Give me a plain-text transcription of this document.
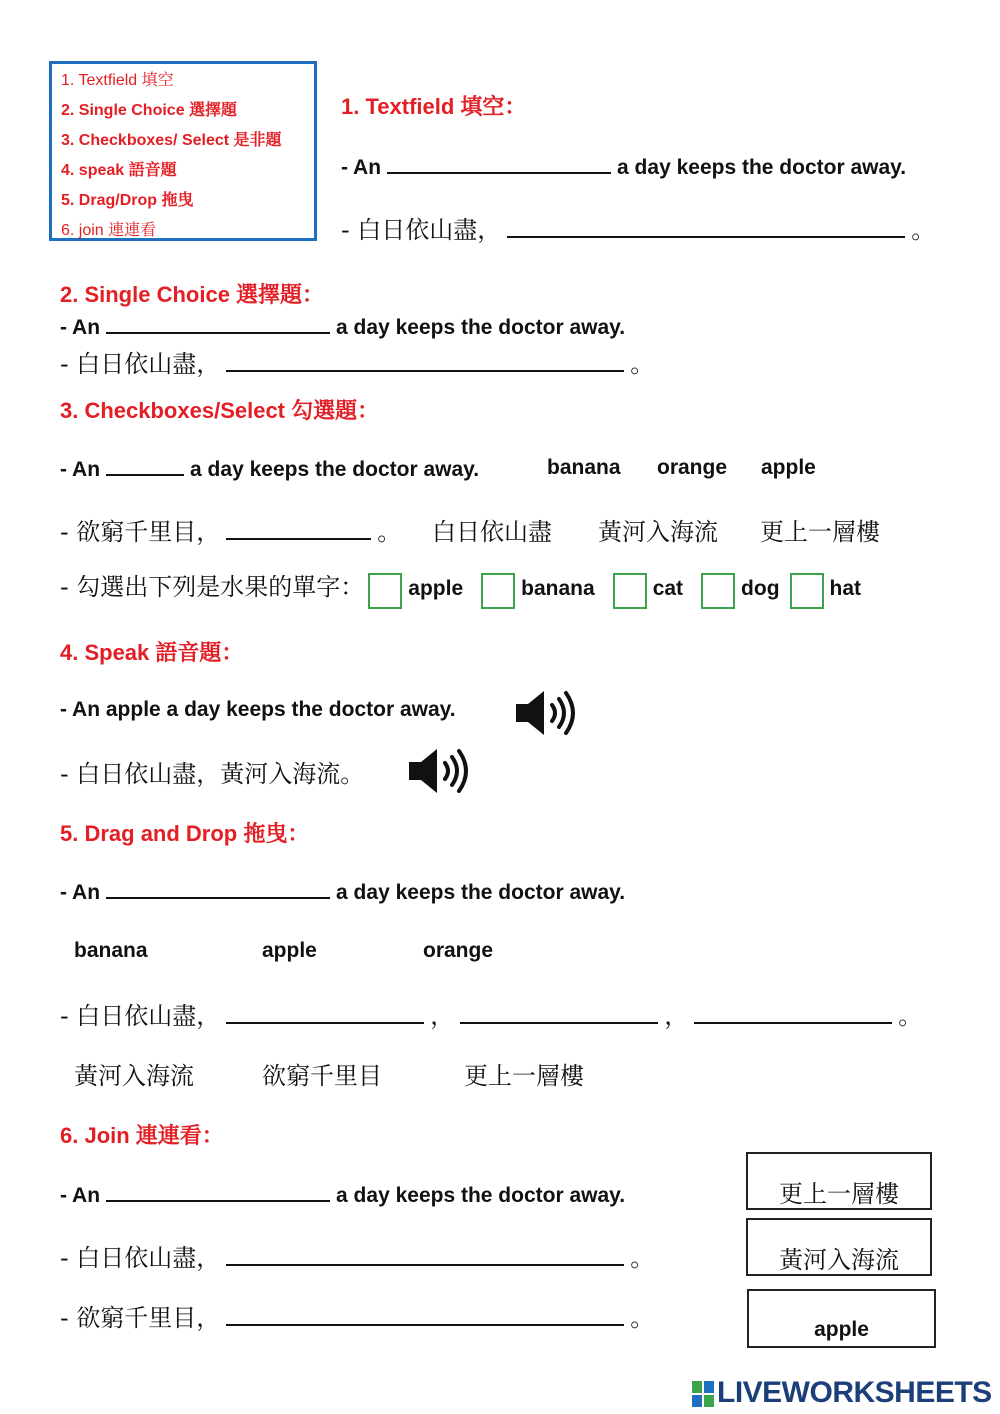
1. Textfield 填空
2. Single Choice 選擇題
3. Checkboxes/ Select 是非題
4. speak 語音題
5. Drag/Drop 拖曳
6. join 連連看
1. Textfield 填空：
- An	a day keeps the doctor away.
- 白日依山盡，	。
2. Single Choice 選擇題：
- An	a day keeps the doctor away.
- 白日依山盡，	。
3. Checkboxes/Select 勾選題：
- An	a day keeps the doctor away.	banana orange apple
- 欲窮千里目，	。 白日依山盡 黃河入海流 更上一層樓
- 勾選出下列是水果的單字： apple	banana	cat	dog hat
4. Speak 語音題：
- An apple a day keeps the doctor away.
- 白日依山盡，黃河入海流。
5. Drag and Drop 拖曳：
- An	a day keeps the doctor away.
banana	apple	orange
- 白日依山盡，	，	，	。
黃河入海流	欲窮千里目	更上一層樓
6. Join 連連看：
- An	a day keeps the doctor away.
- 白日依山盡，	。
- 欲窮千里目，	。
更上一層樓
黃河入海流
apple
LIVEWORKSHEETS
